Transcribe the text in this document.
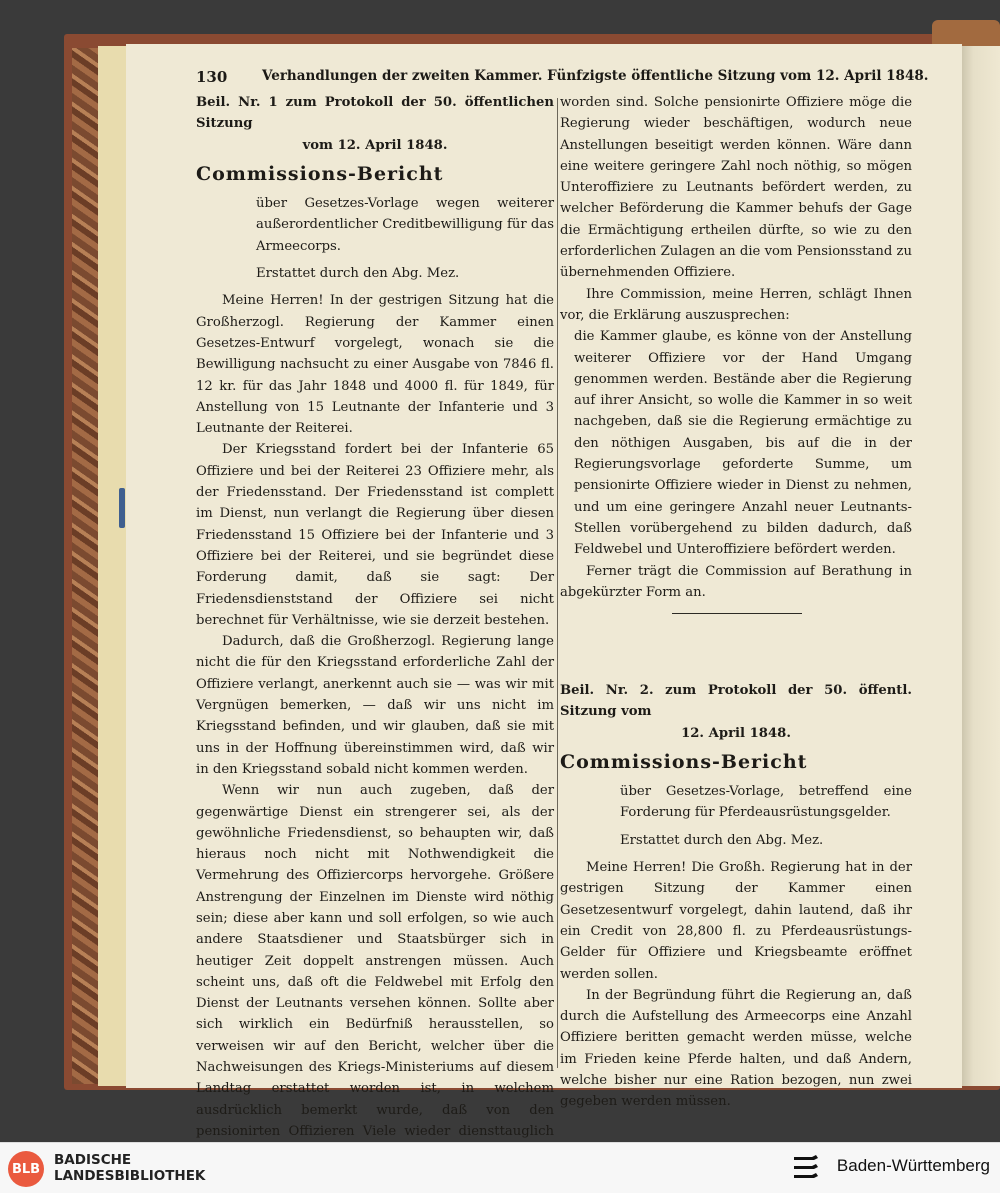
130	Verhandlungen der zweiten Kammer. Fünfzigste öffentliche Sitzung vom 12. April 1848.

Beil. Nr. 1 zum Protokoll der 50. öffentlichen Sitzung

vom 12. April 1848.

Commissions-Bericht

über Gesetzes-Vorlage wegen weiterer außerordentlicher Creditbewilligung für das Armeecorps.

Erstattet durch den Abg. Mez.

Meine Herren! In der gestrigen Sitzung hat die Großherzogl. Regierung der Kammer einen Gesetzes-Entwurf vorgelegt, wonach sie die Bewilligung nachsucht zu einer Ausgabe von 7846 fl. 12 kr. für das Jahr 1848 und 4000 fl. für 1849, für Anstellung von 15 Leutnante der Infanterie und 3 Leutnante der Reiterei.

Der Kriegsstand fordert bei der Infanterie 65 Offiziere und bei der Reiterei 23 Offiziere mehr, als der Friedensstand. Der Friedensstand ist complett im Dienst, nun verlangt die Regierung über diesen Friedensstand 15 Offiziere bei der Infanterie und 3 Offiziere bei der Reiterei, und sie begründet diese Forderung damit, daß sie sagt: Der Friedensdienststand der Offiziere sei nicht berechnet für Verhältnisse, wie sie derzeit bestehen.

Dadurch, daß die Großherzogl. Regierung lange nicht die für den Kriegsstand erforderliche Zahl der Offiziere verlangt, anerkennt auch sie — was wir mit Vergnügen bemerken, — daß wir uns nicht im Kriegsstand befinden, und wir glauben, daß sie mit uns in der Hoffnung übereinstimmen wird, daß wir in den Kriegsstand sobald nicht kommen werden.

Wenn wir nun auch zugeben, daß der gegenwärtige Dienst ein strengerer sei, als der gewöhnliche Friedensdienst, so behaupten wir, daß hieraus noch nicht mit Nothwendigkeit die Vermehrung des Offiziercorps hervorgehe. Größere Anstrengung der Einzelnen im Dienste wird nöthig sein; diese aber kann und soll erfolgen, so wie auch andere Staatsdiener und Staatsbürger sich in heutiger Zeit doppelt anstrengen müssen. Auch scheint uns, daß oft die Feldwebel mit Erfolg den Dienst der Leutnants versehen können. Sollte aber sich wirklich ein Bedürfniß herausstellen, so verweisen wir auf den Bericht, welcher über die Nachweisungen des Kriegs-Ministeriums auf diesem Landtag erstattet worden ist, in welchem ausdrücklich bemerkt wurde, daß von den pensionirten Offizieren Viele wieder diensttauglich

worden sind. Solche pensionirte Offiziere möge die Regierung wieder beschäftigen, wodurch neue Anstellungen beseitigt werden können. Wäre dann eine weitere geringere Zahl noch nöthig, so mögen Unteroffiziere zu Leutnants befördert werden, zu welcher Beförderung die Kammer behufs der Gage die Ermächtigung ertheilen dürfte, so wie zu den erforderlichen Zulagen an die vom Pensionsstand zu übernehmenden Offiziere.

Ihre Commission, meine Herren, schlägt Ihnen vor, die Erklärung auszusprechen:

die Kammer glaube, es könne von der Anstellung weiterer Offiziere vor der Hand Umgang genommen werden. Beständе aber die Regierung auf ihrer Ansicht, so wolle die Kammer in so weit nachgeben, daß sie die Regierung ermächtige zu den nöthigen Ausgaben, bis auf die in der Regierungsvorlage geforderte Summe, um pensionirte Offiziere wieder in Dienst zu nehmen, und um eine geringere Anzahl neuer Leutnants-Stellen vorübergehend zu bilden dadurch, daß Feldwebel und Unteroffiziere befördert werden.

Ferner trägt die Commission auf Berathung in abgekürzter Form an.

Beil. Nr. 2. zum Protokoll der 50. öffentl. Sitzung vom

12. April 1848.

Commissions-Bericht

über Gesetzes-Vorlage, betreffend eine Forderung für Pferdeausrüstungsgelder.

Erstattet durch den Abg. Mez.

Meine Herren! Die Großh. Regierung hat in der gestrigen Sitzung der Kammer einen Gesetzesentwurf vorgelegt, dahin lautend, daß ihr ein Credit von 28,800 fl. zu Pferdeausrüstungs-Gelder für Offiziere und Kriegsbeamte eröffnet werden sollen.

In der Begründung führt die Regierung an, daß durch die Aufstellung des Armeecorps eine Anzahl Offiziere beritten gemacht werden müsse, welche im Frieden keine Pferde halten, und daß Andern, welche bisher nur eine Ration bezogen, nun zwei gegeben werden müssen.

BLB
BADISCHE
LANDESBIBLIOTHEK
Baden-Württemberg
